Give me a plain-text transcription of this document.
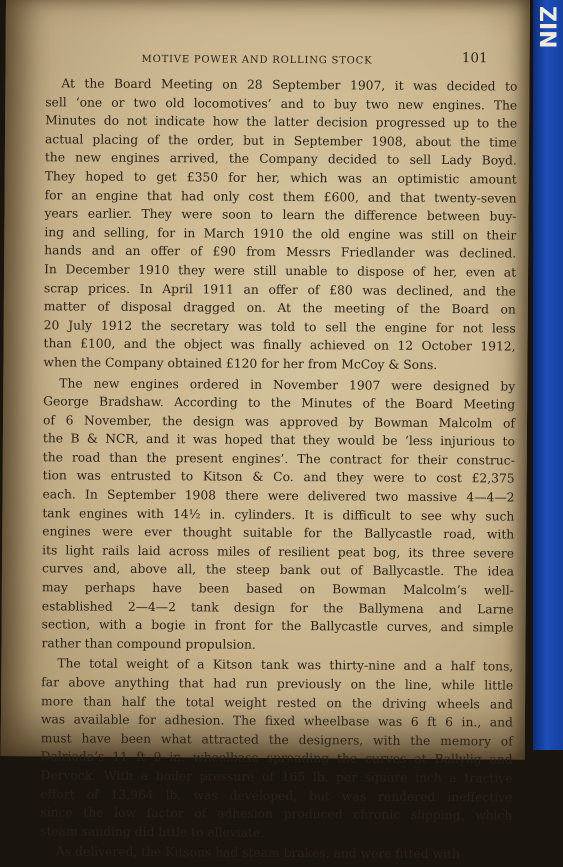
ZIN
MOTIVE POWER AND ROLLING STOCK	101
At the Board Meeting on 28 September 1907, it was decided to
sell ‘one or two old locomotives’ and to buy two new engines. The
Minutes do not indicate how the latter decision progressed up to the
actual placing of the order, but in September 1908, about the time
the new engines arrived, the Company decided to sell Lady Boyd.
They hoped to get £350 for her, which was an optimistic amount
for an engine that had only cost them £600, and that twenty-seven
years earlier. They were soon to learn the difference between buy-
ing and selling, for in March 1910 the old engine was still on their
hands and an offer of £90 from Messrs Friedlander was declined.
In December 1910 they were still unable to dispose of her, even at
scrap prices. In April 1911 an offer of £80 was declined, and the
matter of disposal dragged on. At the meeting of the Board on
20 July 1912 the secretary was told to sell the engine for not less
than £100, and the object was finally achieved on 12 October 1912,
when the Company obtained £120 for her from McCoy & Sons.
The new engines ordered in November 1907 were designed by
George Bradshaw. According to the Minutes of the Board Meeting
of 6 November, the design was approved by Bowman Malcolm of
the B & NCR, and it was hoped that they would be ‘less injurious to
the road than the present engines’. The contract for their construc-
tion was entrusted to Kitson & Co. and they were to cost £2,375
each. In September 1908 there were delivered two massive 4—4—2
tank engines with 14½ in. cylinders. It is difficult to see why such
engines were ever thought suitable for the Ballycastle road, with
its light rails laid across miles of resilient peat bog, its three severe
curves and, above all, the steep bank out of Ballycastle. The idea
may perhaps have been based on Bowman Malcolm’s well-
established 2—4—2 tank design for the Ballymena and Larne
section, with a bogie in front for the Ballycastle curves, and simple
rather than compound propulsion.
The total weight of a Kitson tank was thirty-nine and a half tons,
far above anything that had run previously on the line, while little
more than half the total weight rested on the driving wheels and
was available for adhesion. The fixed wheelbase was 6 ft 6 in., and
must have been what attracted the designers, with the memory of
Dalriada’s 11 ft 9 in. wheelbase spreading the curves at Ballylig and
Dervock. With a boiler pressure of 165 lb. per square inch a tractive
effort of 13,964 lb. was developed, but was rendered ineffective
since the low factor of adhesion produced chronic slipping, which
steam sanding did little to alleviate.
As delivered, the Kitsons had steam brakes, and were fitted with
